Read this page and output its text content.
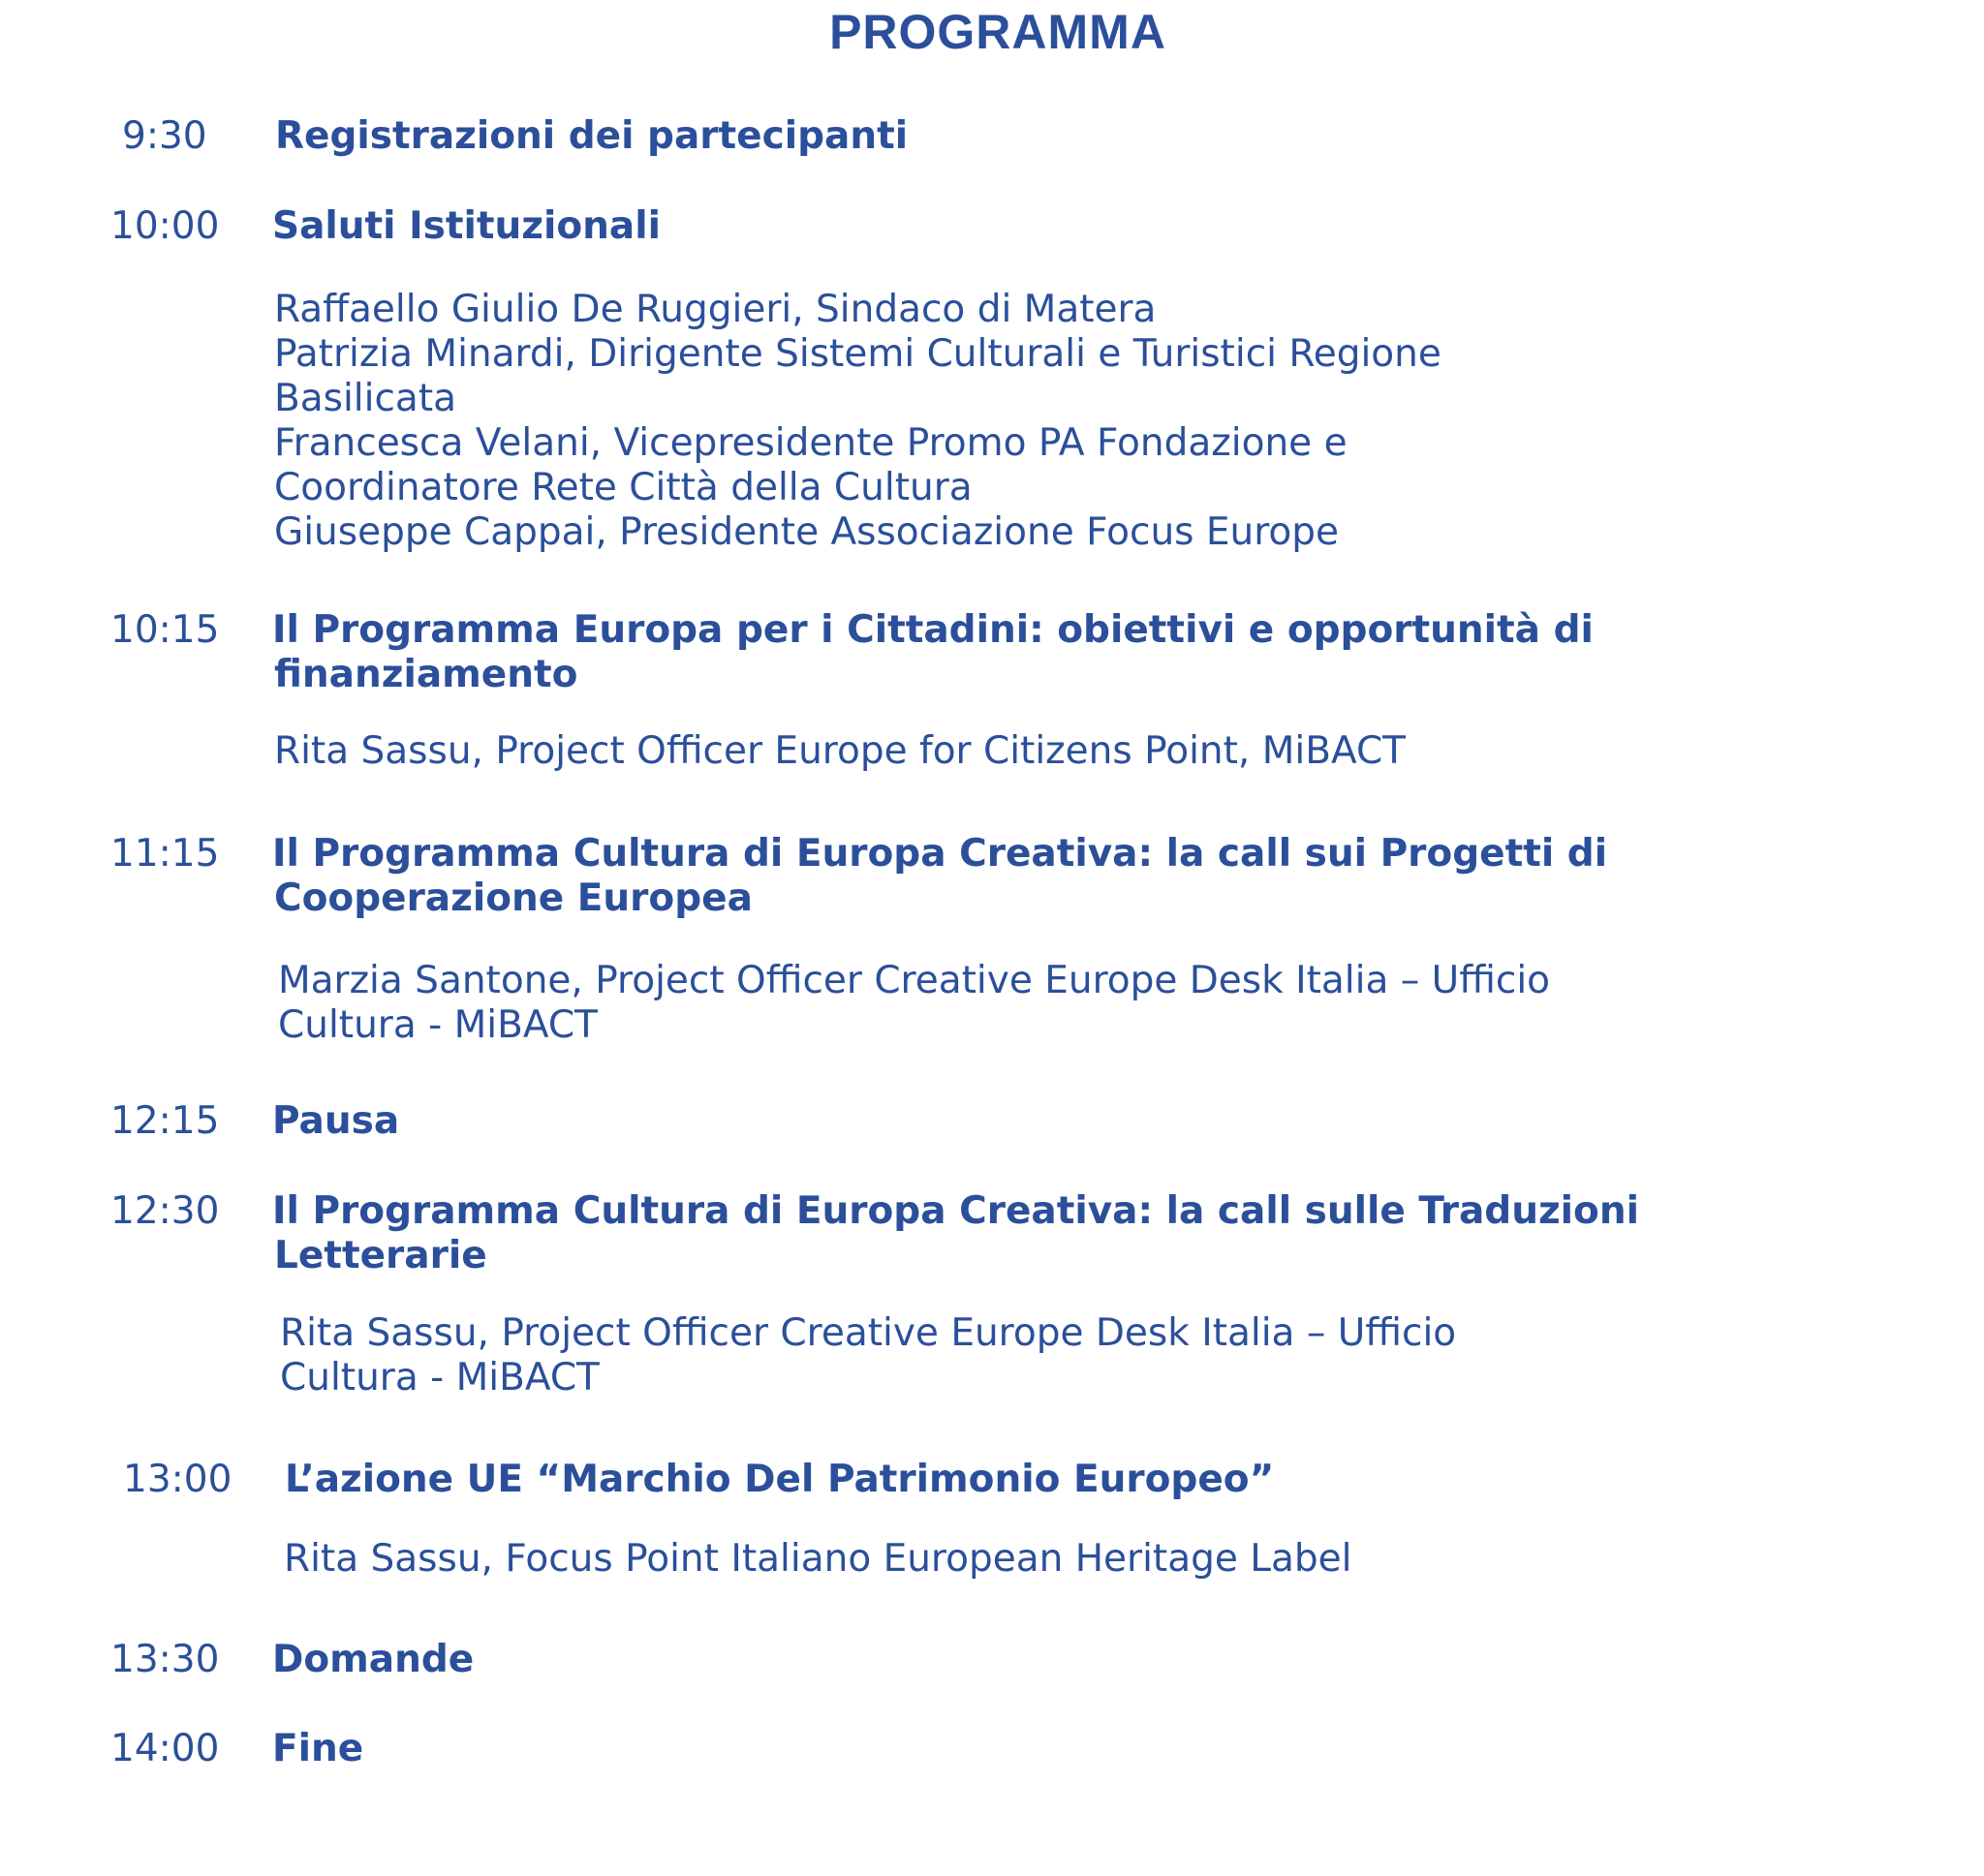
PROGRAMMA
9:30 Registrazioni dei partecipanti
10:00 Saluti Istituzionali
Raffaello Giulio De Ruggieri, Sindaco di Matera
Patrizia Minardi, Dirigente Sistemi Culturali e Turistici Regione
Basilicata
Francesca Velani, Vicepresidente Promo PA Fondazione e
Coordinatore Rete Città della Cultura
Giuseppe Cappai, Presidente Associazione Focus Europe
10:15 Il Programma Europa per i Cittadini: obiettivi e opportunità di
finanziamento
Rita Sassu, Project Officer Europe for Citizens Point, MiBACT
11:15 Il Programma Cultura di Europa Creativa: la call sui Progetti di
Cooperazione Europea
Marzia Santone, Project Officer Creative Europe Desk Italia – Ufficio
Cultura - MiBACT
12:15 Pausa
12:30 Il Programma Cultura di Europa Creativa: la call sulle Traduzioni
Letterarie
Rita Sassu, Project Officer Creative Europe Desk Italia – Ufficio
Cultura - MiBACT
13:00 L’azione UE “Marchio Del Patrimonio Europeo”
Rita Sassu, Focus Point Italiano European Heritage Label
13:30 Domande
14:00 Fine
